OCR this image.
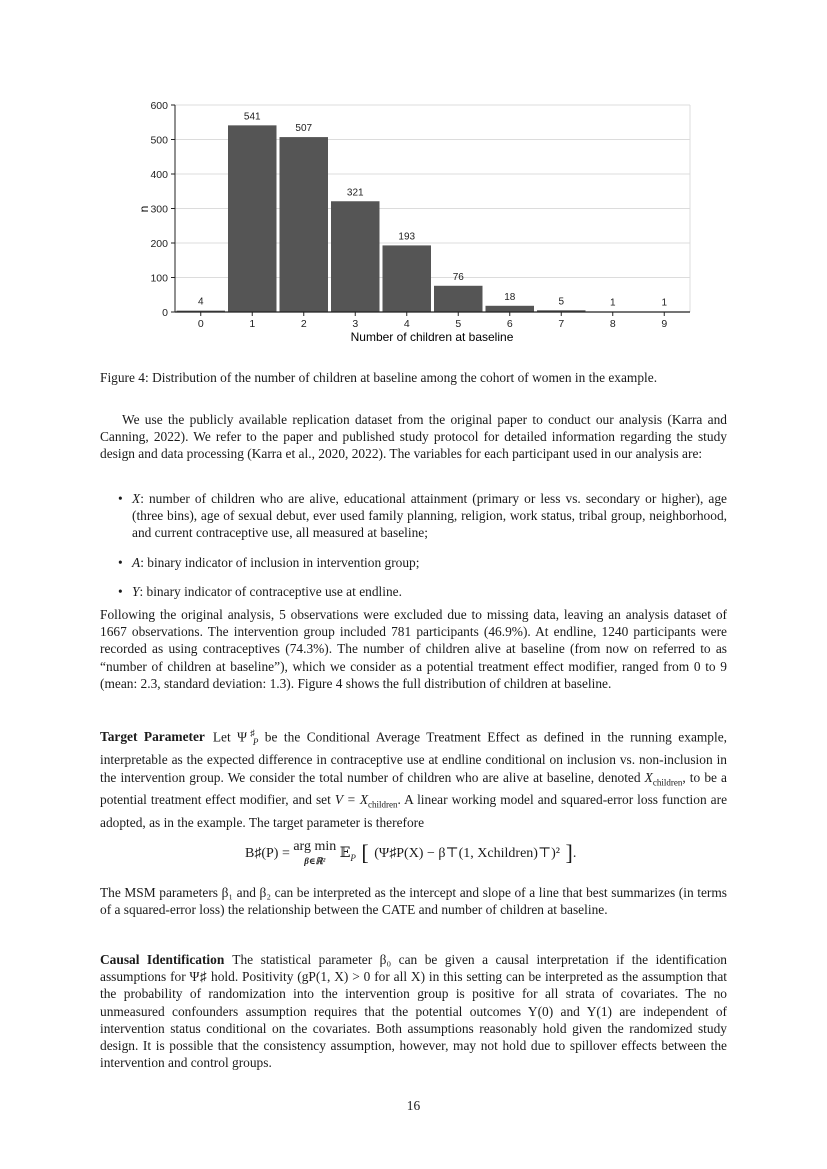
4
541
507
321
193
76
18	5	1	1
0
100
200
300
400
500
600
0	1	2	3	4	5	6	7	8	9
n
Number of children at baseline
Figure 4: Distribution of the number of children at baseline among the cohort of women in the example.

We use the publicly available replication dataset from the original paper to conduct our analysis (Karra and Canning, 2022). We refer to the paper and published study protocol for detailed information regarding the study design and data processing (Karra et al., 2020, 2022). The variables for each participant used in our analysis are:

• X: number of children who are alive, educational attainment (primary or less vs. secondary or higher), age (three bins), age of sexual debut, ever used family planning, religion, work status, tribal group, neighborhood, and current contraceptive use, all measured at baseline;
• A: binary indicator of inclusion in intervention group;
• Y: binary indicator of contraceptive use at endline.

Following the original analysis, 5 observations were excluded due to missing data, leaving an analysis dataset of 1667 observations. The intervention group included 781 participants (46.9%). At endline, 1240 participants were recorded as using contraceptives (74.3%). The number of children alive at baseline (from now on referred to as “number of children at baseline”), which we consider as a potential treatment effect modifier, ranged from 0 to 9 (mean: 2.3, standard deviation: 1.3). Figure 4 shows the full distribution of children at baseline.

Target Parameter Let $\Psi^♯_P$ be the Conditional Average Treatment Effect as defined in the running example, interpretable as the expected difference in contraceptive use at endline conditional on inclusion vs. non-inclusion in the intervention group. We consider the total number of children who are alive at baseline, denoted $X_{children}$, to be a potential treatment effect modifier, and set $V = X_{children}$. A linear working model and squared-error loss function are adopted, as in the example. The target parameter is therefore

B♯(P) = arg min
β∈ℝ² 𝔼$_P$ [ (Ψ♯P(X) − β⊤(1, Xchildren)⊤)² ].

The MSM parameters β₁ and β₂ can be interpreted as the intercept and slope of a line that best summarizes (in terms of a squared-error loss) the relationship between the CATE and number of children at baseline.

Causal Identification The statistical parameter β₀ can be given a causal interpretation if the identification assumptions for Ψ♯ hold. Positivity (gP(1, X) > 0 for all X) in this setting can be interpreted as the assumption that the probability of randomization into the intervention group is positive for all strata of covariates. The no unmeasured confounders assumption requires that the potential outcomes Y(0) and Y(1) are independent of intervention status conditional on the covariates. Both assumptions reasonably hold given the randomized study design. It is possible that the consistency assumption, however, may not hold due to spillover effects between the intervention and control groups.

16
